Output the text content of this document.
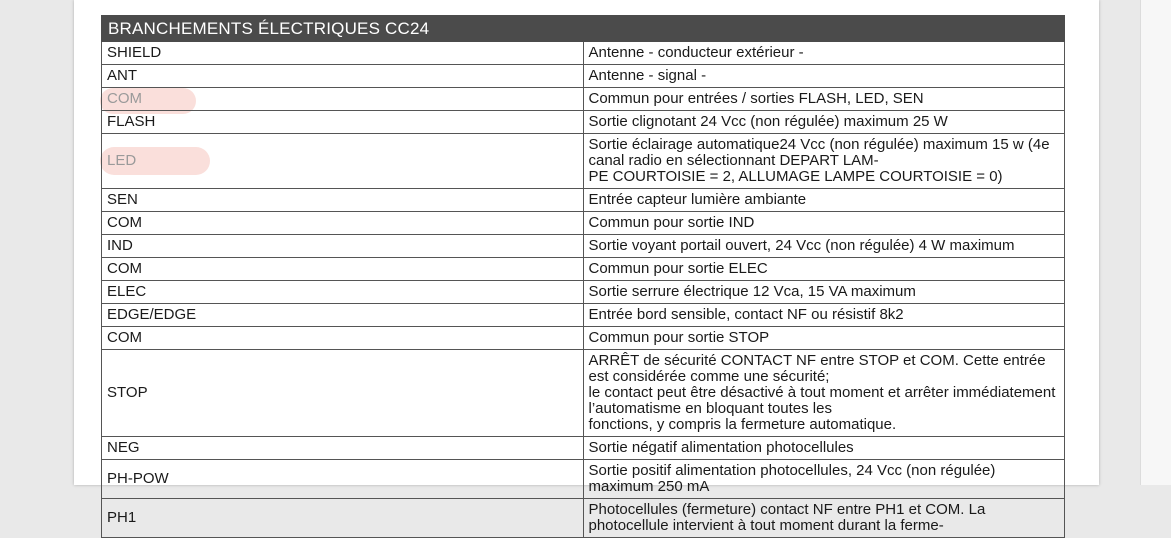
BRANCHEMENTS ÉLECTRIQUES CC24	
SHIELD	Antenne - conducteur extérieur -
ANT	Antenne - signal -
COM	Commun pour entrées / sorties FLASH, LED, SEN
FLASH	Sortie clignotant 24 Vcc (non régulée) maximum 25 W
LED	Sortie éclairage automatique24 Vcc (non régulée) maximum 15 w (4e canal radio en sélectionnant DEPART LAM-
PE COURTOISIE = 2, ALLUMAGE LAMPE COURTOISIE = 0)
SEN	Entrée capteur lumière ambiante
COM	Commun pour sortie IND
IND	Sortie voyant portail ouvert, 24 Vcc (non régulée) 4 W maximum
COM	Commun pour sortie ELEC
ELEC	Sortie serrure électrique 12 Vca, 15 VA maximum
EDGE/EDGE	Entrée bord sensible, contact NF ou résistif 8k2
COM	Commun pour sortie STOP
STOP	ARRÊT de sécurité CONTACT NF entre STOP et COM. Cette entrée est considérée comme une sécurité;
le contact peut être désactivé à tout moment et arrêter immédiatement l’automatisme en bloquant toutes les
fonctions, y compris la fermeture automatique.
NEG	Sortie négatif alimentation photocellules
PH-POW	Sortie positif alimentation photocellules, 24 Vcc (non régulée) maximum 250 mA
PH1	Photocellules (fermeture) contact NF entre PH1 et COM. La photocellule intervient à tout moment durant la ferme-
